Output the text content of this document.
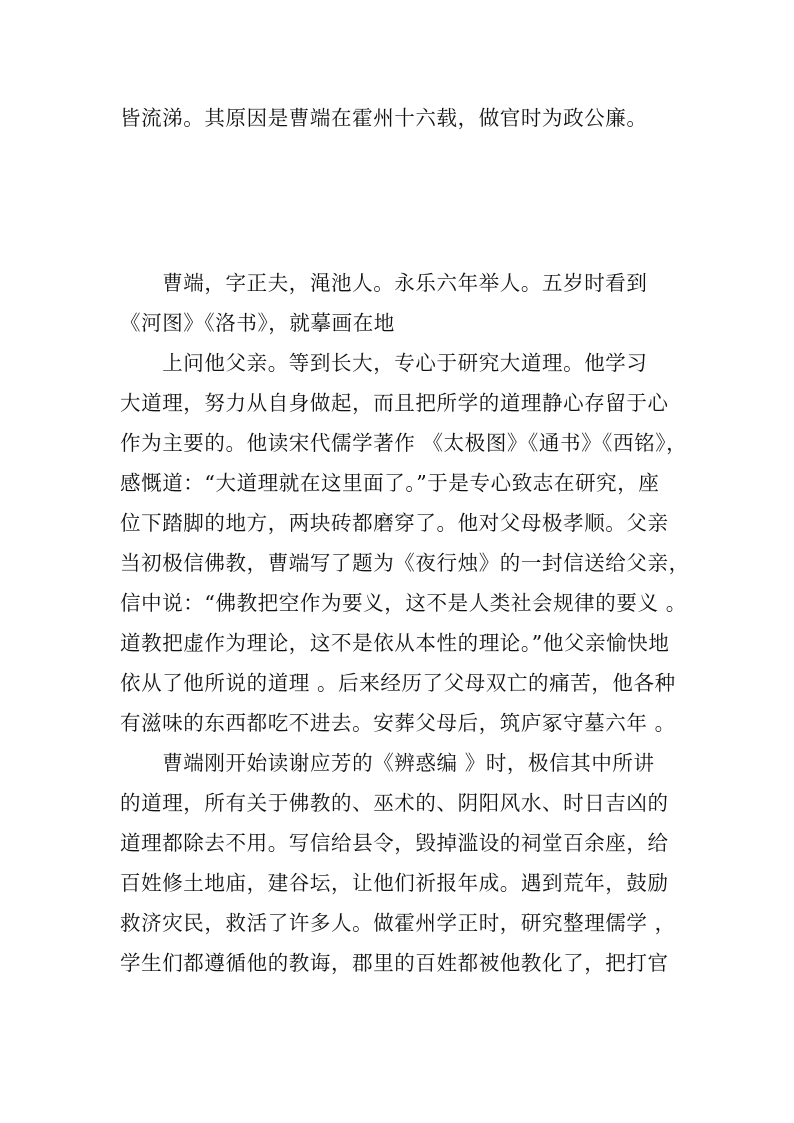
皆流涕。其原因是曹端在霍州十六载，做官时为政公廉。
　　曹端，字正夫，渑池人。永乐六年举人。五岁时看到
《河图》《洛书》，就摹画在地
　　上问他父亲。等到长大，专心于研究大道理。他学习
大道理，努力从自身做起，而且把所学的道理静心存留于心
作为主要的。他读宋代儒学著作 《太极图》《通书》《西铭》，
感慨道：“大道理就在这里面了。”于是专心致志在研究，座
位下踏脚的地方，两块砖都磨穿了。他对父母极孝顺。父亲
当初极信佛教，曹端写了题为《夜行烛》的一封信送给父亲，
信中说：“佛教把空作为要义，这不是人类社会规律的要义 。
道教把虚作为理论，这不是依从本性的理论。”他父亲愉快地
依从了他所说的道理 。后来经历了父母双亡的痛苦，他各种
有滋味的东西都吃不进去。安葬父母后，筑庐冢守墓六年 。
　　曹端刚开始读谢应芳的《辨惑编 》时，极信其中所讲
的道理，所有关于佛教的、巫术的、阴阳风水、时日吉凶的
道理都除去不用。写信给县令，毁掉滥设的祠堂百余座，给
百姓修土地庙，建谷坛，让他们祈报年成。遇到荒年，鼓励
救济灾民，救活了许多人。做霍州学正时，研究整理儒学 ，
学生们都遵循他的教诲，郡里的百姓都被他教化了，把打官
